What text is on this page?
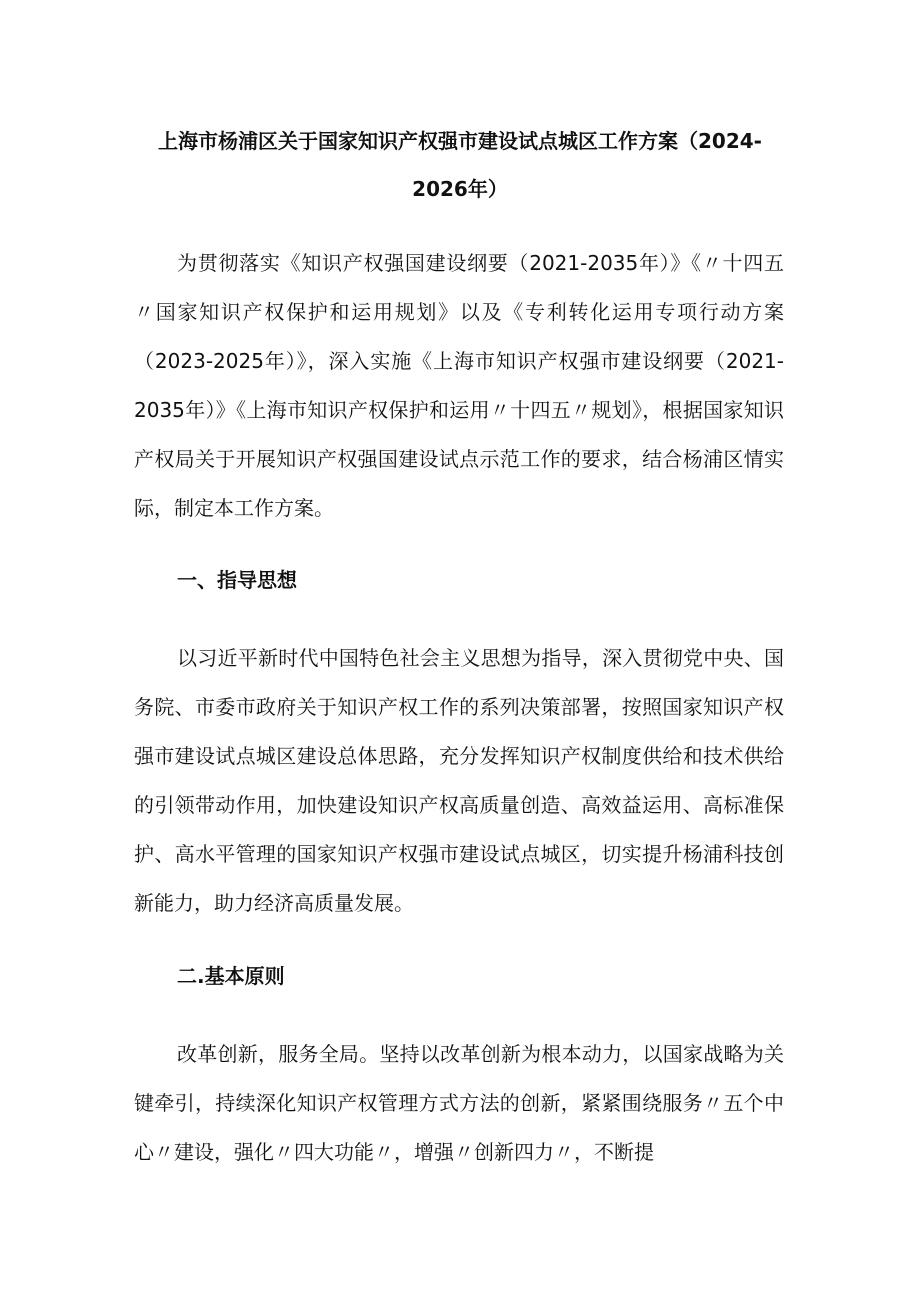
上海市杨浦区关于国家知识产权强市建设试点城区工作方案（2024-2026年）

为贯彻落实《知识产权强国建设纲要（2021-2035年）》《〃十四五〃国家知识产权保护和运用规划》以及《专利转化运用专项行动方案（2023-2025年）》，深入实施《上海市知识产权强市建设纲要（2021-2035年）》《上海市知识产权保护和运用〃十四五〃规划》，根据国家知识产权局关于开展知识产权强国建设试点示范工作的要求，结合杨浦区情实际，制定本工作方案。

一、指导思想

以习近平新时代中国特色社会主义思想为指导，深入贯彻党中央、国务院、市委市政府关于知识产权工作的系列决策部署，按照国家知识产权强市建设试点城区建设总体思路，充分发挥知识产权制度供给和技术供给的引领带动作用，加快建设知识产权高质量创造、高效益运用、高标准保护、高水平管理的国家知识产权强市建设试点城区，切实提升杨浦科技创新能力，助力经济高质量发展。

二.基本原则

改革创新，服务全局。坚持以改革创新为根本动力，以国家战略为关键牵引，持续深化知识产权管理方式方法的创新，紧紧围绕服务〃五个中心〃建设，强化〃四大功能〃，增强〃创新四力〃，不断提
